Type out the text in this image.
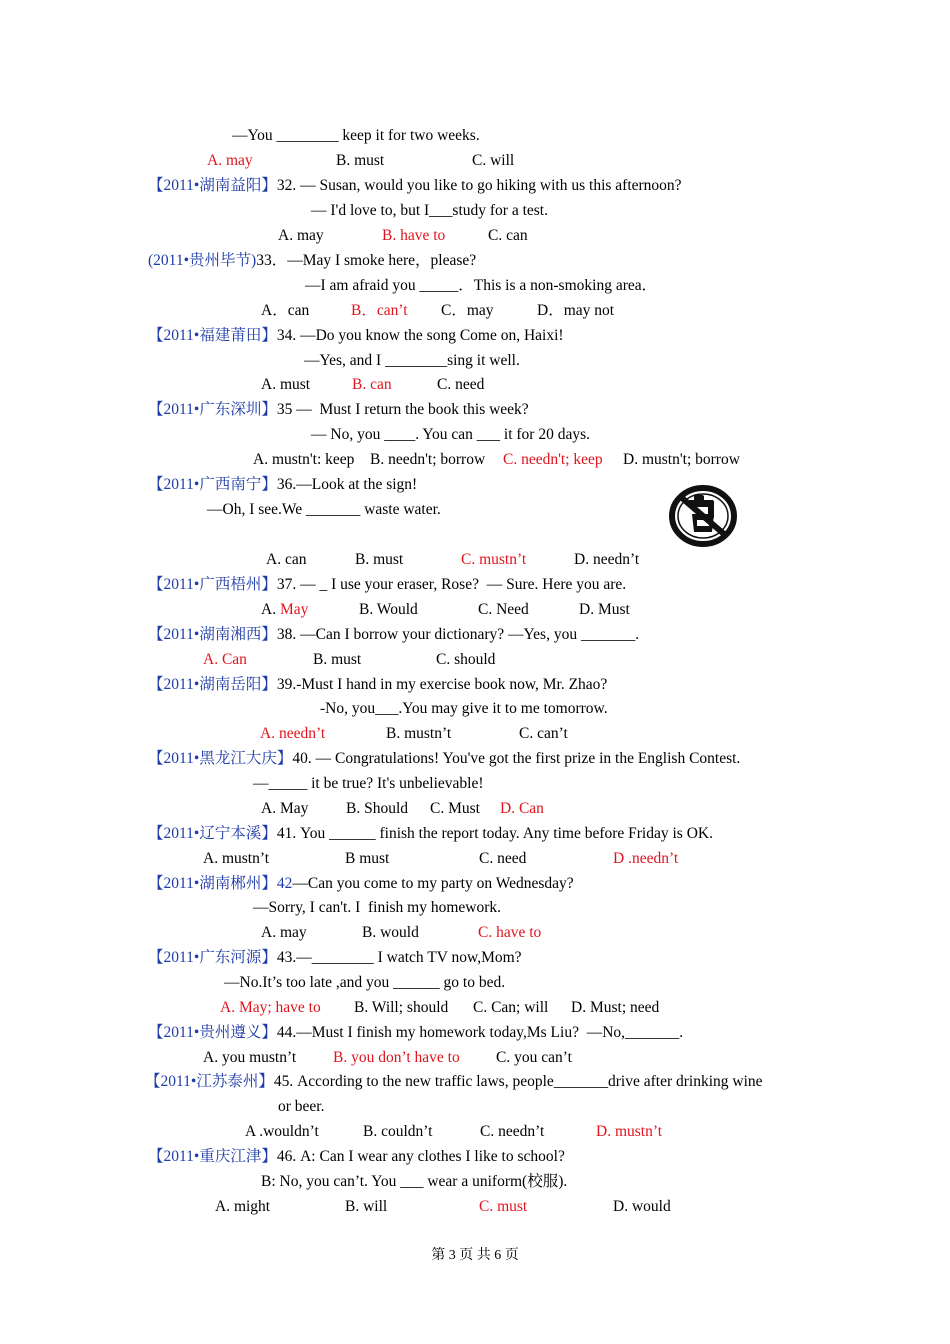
—You ________ keep it for two weeks.
A. may	B. must	C. will
【2011•湖南益阳】32. — Susan, would you like to go hiking with us this afternoon?
— I'd love to, but I___study for a test.
A. may	B. have to	C. can
(2011•贵州毕节)33．—May I smoke here，please?
—I am afraid you _____．This is a non-smoking area．
A．can	B．can’t C．may	D．may not
【2011•福建莆田】34. —Do you know the song Come on, Haixi!
—Yes, and I ________sing it well.
A. must	B. can	C. need
【2011•广东深圳】35 —  Must I return the book this week?
— No, you ____. You can ___ it for 20 days.
A. mustn't: keep B. needn't; borrow C. needn't; keep D. mustn't; borrow
【2011•广西南宁】36.—Look at the sign!
—Oh, I see.We _______ waste water.
A. can	B. must	C. mustn’t	D. needn’t
【2011•广西梧州】37. — _ I use your eraser, Rose?  — Sure. Here you are.
A. May	B. Would	C. Need	D. Must
【2011•湖南湘西】38. —Can I borrow your dictionary? —Yes, you _______.
A. Can	B. must	C. should
【2011•湖南岳阳】39.-Must I hand in my exercise book now, Mr. Zhao?
-No, you___.You may give it to me tomorrow.
A. needn’t	B. mustn’t	C. can’t
【2011•黑龙江大庆】40. — Congratulations! You've got the first prize in the English Contest.
—_____ it be true? It's unbelievable!
A. May B. Should C. Must D. Can
【2011•辽宁本溪】41. You ______ finish the report today. Any time before Friday is OK.
A. mustn’t	B must	C. need	D .needn’t
【2011•湖南郴州】42—Can you come to my party on Wednesday?
—Sorry, I can't. I  finish my homework.
A. may	B. would	C. have to
【2011•广东河源】43.—________ I watch TV now,Mom?
—No.It’s too late ,and you ______ go to bed.
A. May; have to B. Will; should C. Can; will D. Must; need
【2011•贵州遵义】44.—Must I finish my homework today,Ms Liu?  —No,_______.
A. you mustn’t B. you don’t have to C. you can’t
【2011•江苏泰州】45. According to the new traffic laws, people_______drive after drinking wine
or beer.
A .wouldn’t	B. couldn’t	C. needn’t	D. mustn’t
【2011•重庆江津】46. A: Can I wear any clothes I like to school?
B: No, you can’t. You ___ wear a uniform(校服).
A. might	B. will	C. must	D. would
第 3 页 共 6 页
